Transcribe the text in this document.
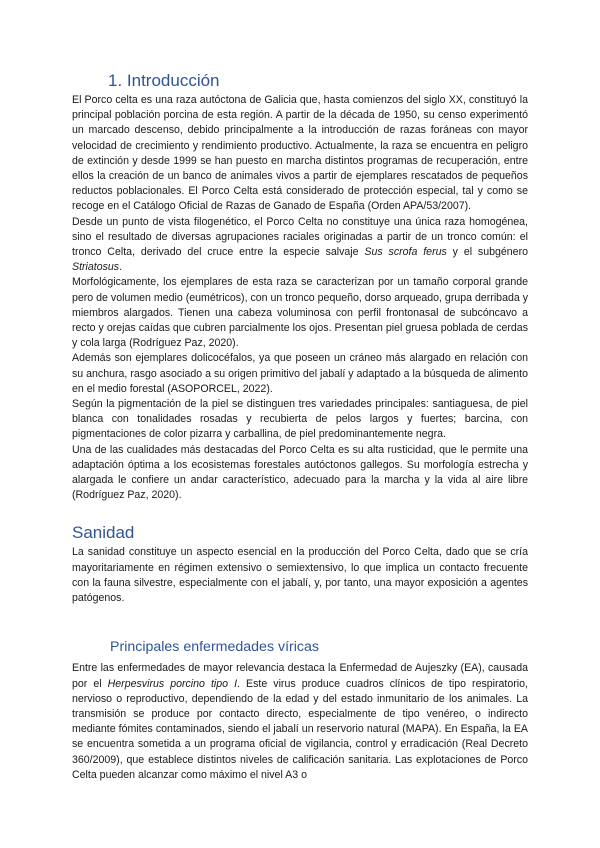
1. Introducción

El Porco celta es una raza autóctona de Galicia que, hasta comienzos del siglo XX, constituyó la principal población porcina de esta región. A partir de la década de 1950, su censo experimentó un marcado descenso, debido principalmente a la introducción de razas foráneas con mayor velocidad de crecimiento y rendimiento productivo. Actualmente, la raza se encuentra en peligro de extinción y desde 1999 se han puesto en marcha distintos programas de recuperación, entre ellos la creación de un banco de animales vivos a partir de ejemplares rescatados de pequeños reductos poblacionales. El Porco Celta está considerado de protección especial, tal y como se recoge en el Catálogo Oficial de Razas de Ganado de España (Orden APA/53/2007).

Desde un punto de vista filogenético, el Porco Celta no constituye una única raza homogénea, sino el resultado de diversas agrupaciones raciales originadas a partir de un tronco común: el tronco Celta, derivado del cruce entre la especie salvaje Sus scrofa ferus y el subgénero Striatosus.

Morfológicamente, los ejemplares de esta raza se caracterizan por un tamaño corporal grande pero de volumen medio (eumétricos), con un tronco pequeño, dorso arqueado, grupa derribada y miembros alargados. Tienen una cabeza voluminosa con perfil frontonasal de subcóncavo a recto y orejas caídas que cubren parcialmente los ojos. Presentan piel gruesa poblada de cerdas y cola larga (Rodríguez Paz, 2020).

Además son ejemplares dolicocéfalos, ya que poseen un cráneo más alargado en relación con su anchura, rasgo asociado a su origen primitivo del jabalí y adaptado a la búsqueda de alimento en el medio forestal (ASOPORCEL, 2022).

Según la pigmentación de la piel se distinguen tres variedades principales: santiaguesa, de piel blanca con tonalidades rosadas y recubierta de pelos largos y fuertes; barcina, con pigmentaciones de color pizarra y carballina, de piel predominantemente negra.

Una de las cualidades más destacadas del Porco Celta es su alta rusticidad, que le permite una adaptación óptima a los ecosistemas forestales autóctonos gallegos. Su morfología estrecha y alargada le confiere un andar característico, adecuado para la marcha y la vida al aire libre (Rodríguez Paz, 2020).

Sanidad

La sanidad constituye un aspecto esencial en la producción del Porco Celta, dado que se cría mayoritariamente en régimen extensivo o semiextensivo, lo que implica un contacto frecuente con la fauna silvestre, especialmente con el jabalí, y, por tanto, una mayor exposición a agentes patógenos.

Principales enfermedades víricas

Entre las enfermedades de mayor relevancia destaca la Enfermedad de Aujeszky (EA), causada por el Herpesvirus porcino tipo I. Este virus produce cuadros clínicos de tipo respiratorio, nervioso o reproductivo, dependiendo de la edad y del estado inmunitario de los animales. La transmisión se produce por contacto directo, especialmente de tipo venéreo, o indirecto mediante fómites contaminados, siendo el jabalí un reservorio natural (MAPA). En España, la EA se encuentra sometida a un programa oficial de vigilancia, control y erradicación (Real Decreto 360/2009), que establece distintos niveles de calificación sanitaria. Las explotaciones de Porco Celta pueden alcanzar como máximo el nivel A3 o
